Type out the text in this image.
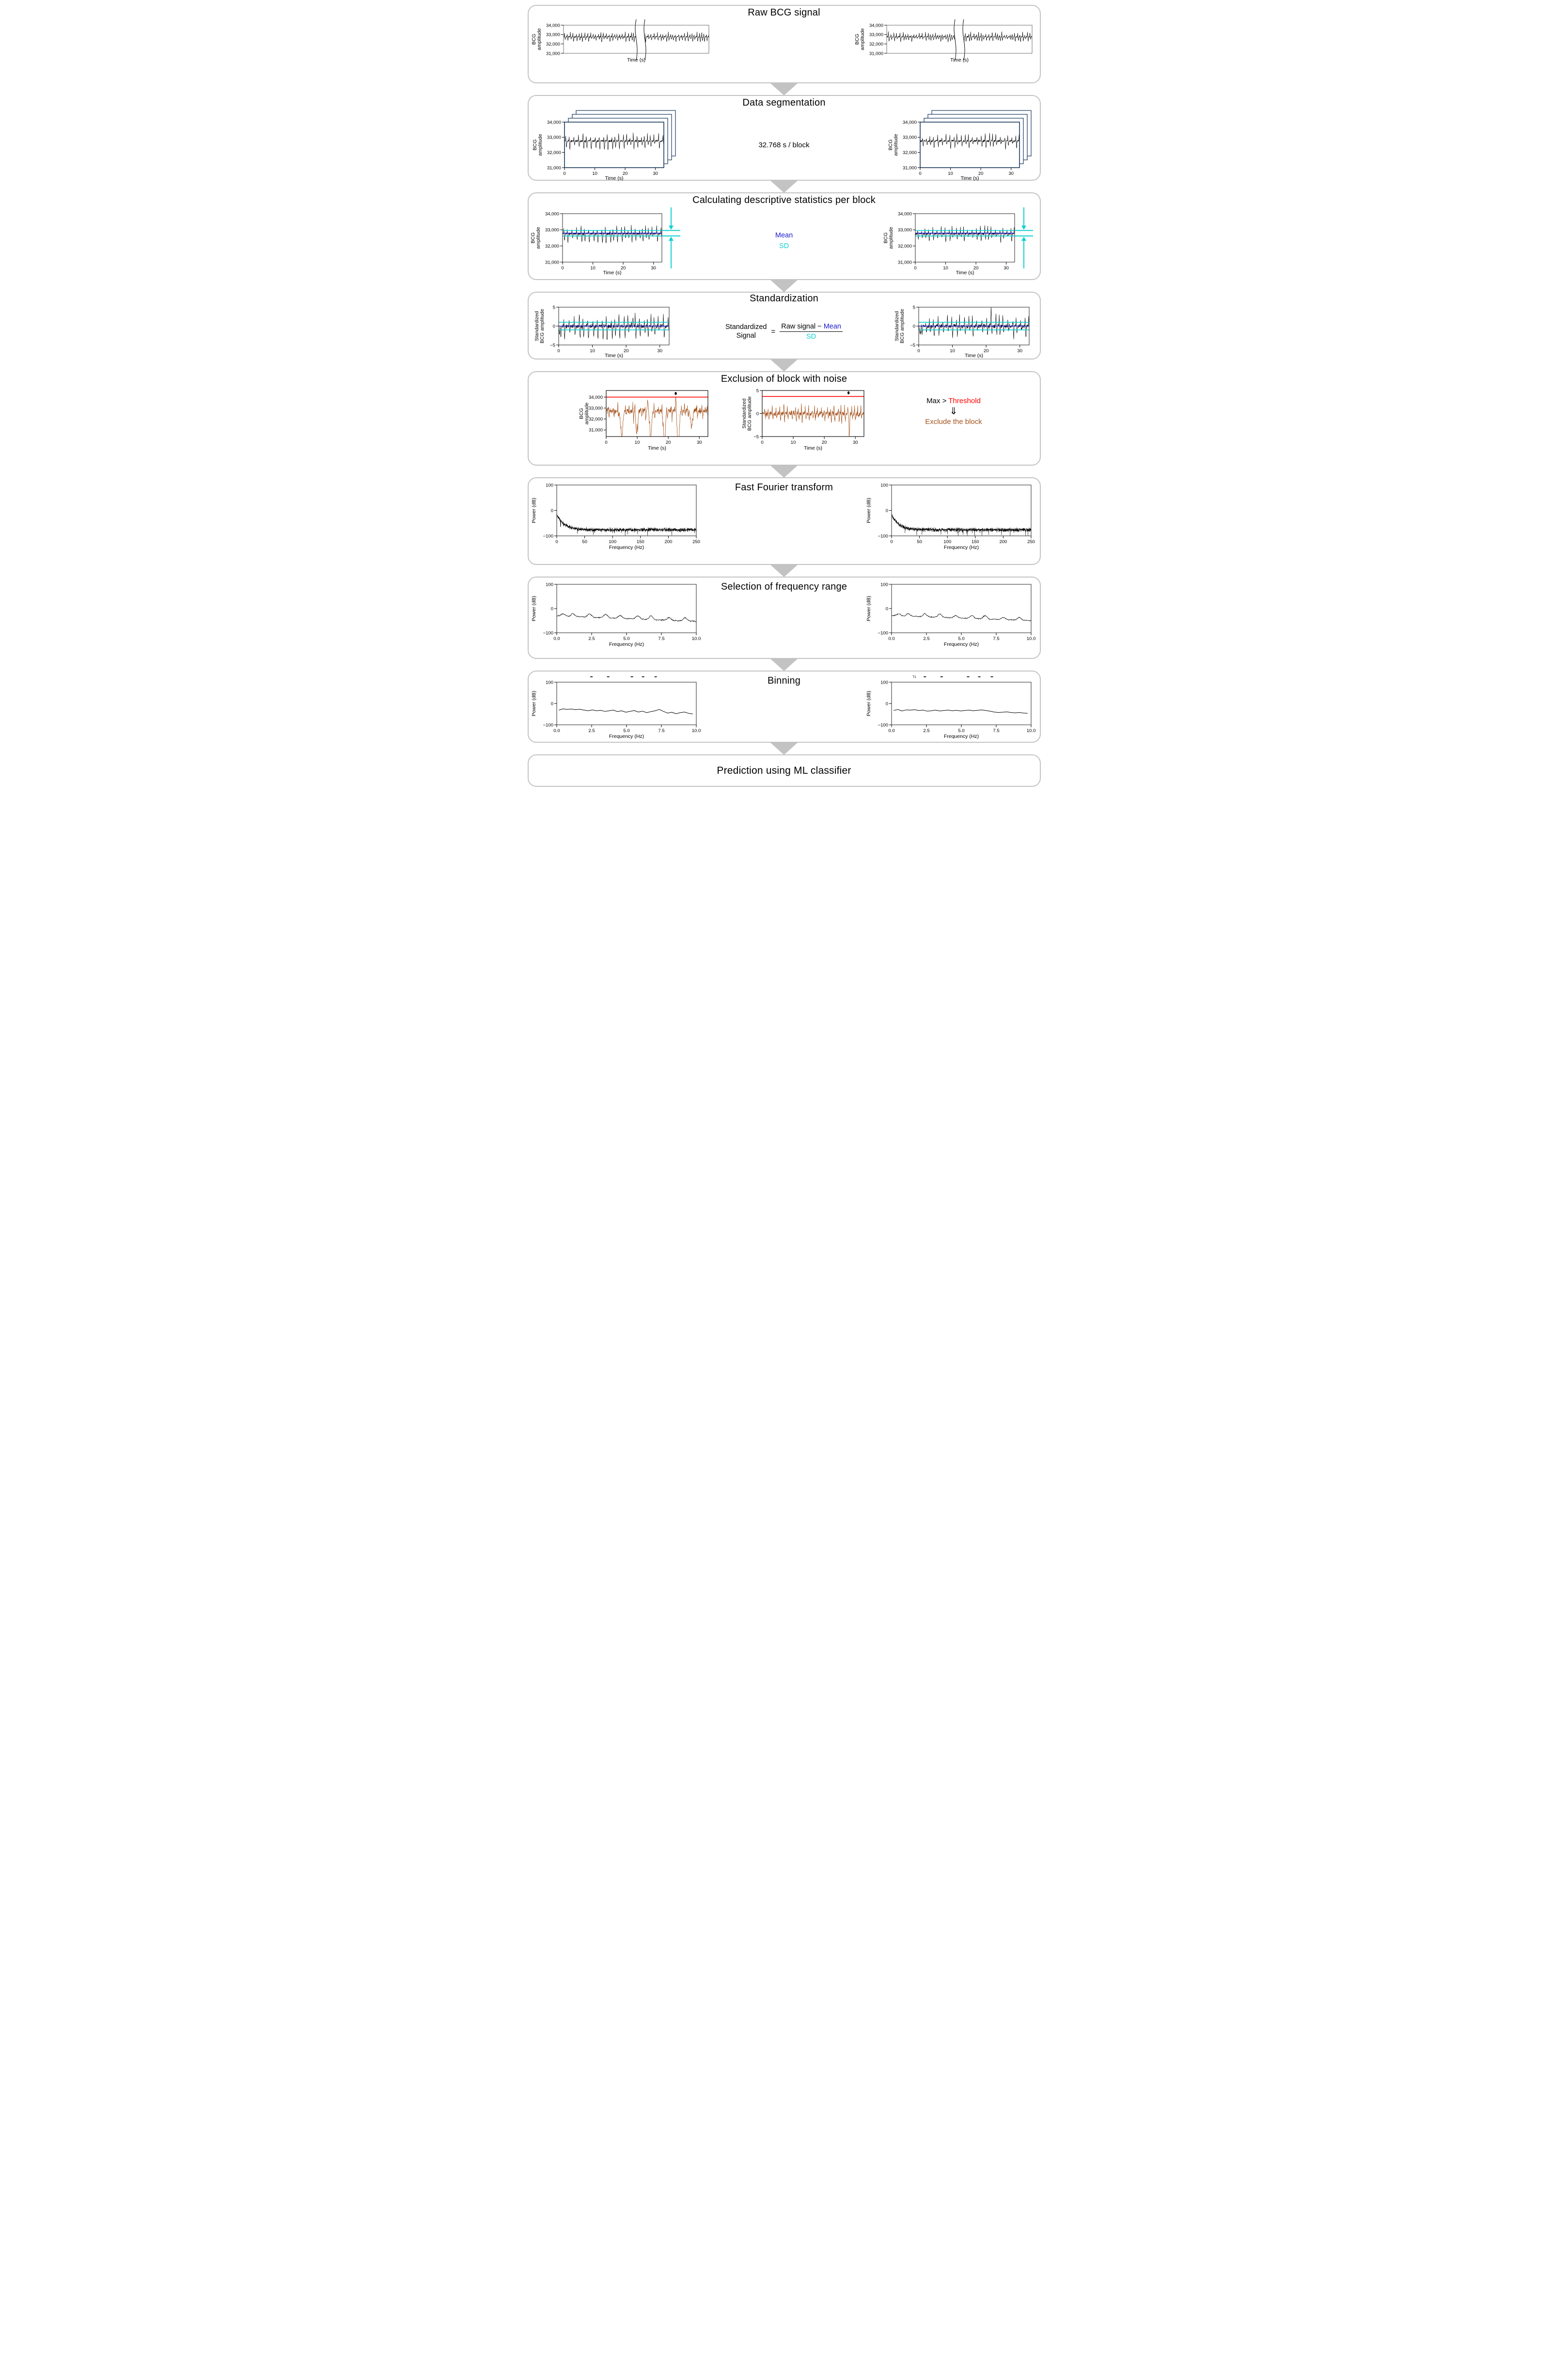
Raw BCG signal
34,000
33,000
32,000
31,000
Time (s)
BCG amplitude
34,000
33,000
32,000
31,000
Time (s)
BCG amplitude
Data segmentation
34,000
33,000
32,000
31,000
0	10	20	30
Time (s)
BCG amplitude	32.768 s / block
34,000
33,000
32,000
31,000
0	10	20	30
Time (s)
BCG amplitude
Calculating descriptive statistics per block
34,000
33,000
32,000
31,000
0	10	20	30
Time (s)
BCG amplitude	Mean
SD
34,000
33,000
32,000
31,000
0	10	20	30
Time (s)
BCG amplitude
Standardization
5
0
−5
0	10	20	30
Time (s)
Standardized BCG amplitude	Standardized
Signal
= $\frac{\text{Raw signal − Mean}}{SD}$
5
0
−5
0	10	20	30
Time (s)
Standardized BCG amplitude
Exclusion of block with noise
34,000
33,000
32,000
31,000
0	10	20	30
Time (s)
BCG amplitude
5
0
−5
0	10	20	30
Time (s)
Standardized BCG amplitude	Max > Threshold
⇓
Exclude the block
100
0
−100
0	50	100	150	200	250
Frequency (Hz)
Power (dB)
Fast Fourier transform	100
0
−100
0	50	100	150	200	250
Frequency (Hz)
Power (dB)
100
0
−100
0.0	2.5	5.0	7.5	10.0
Frequency (Hz)
Power (dB)
Selection of frequency range	100
0
−100
0.0	2.5	5.0	7.5	10.0
Frequency (Hz)
Power (dB)
100
0
−100
0.0	2.5	5.0	7.5	10.0
Frequency (Hz)
Power (dB)
Binning	T1
100
0
−100
0.0	2.5	5.0	7.5	10.0
Frequency (Hz)
Power (dB)
Prediction using ML classifier
